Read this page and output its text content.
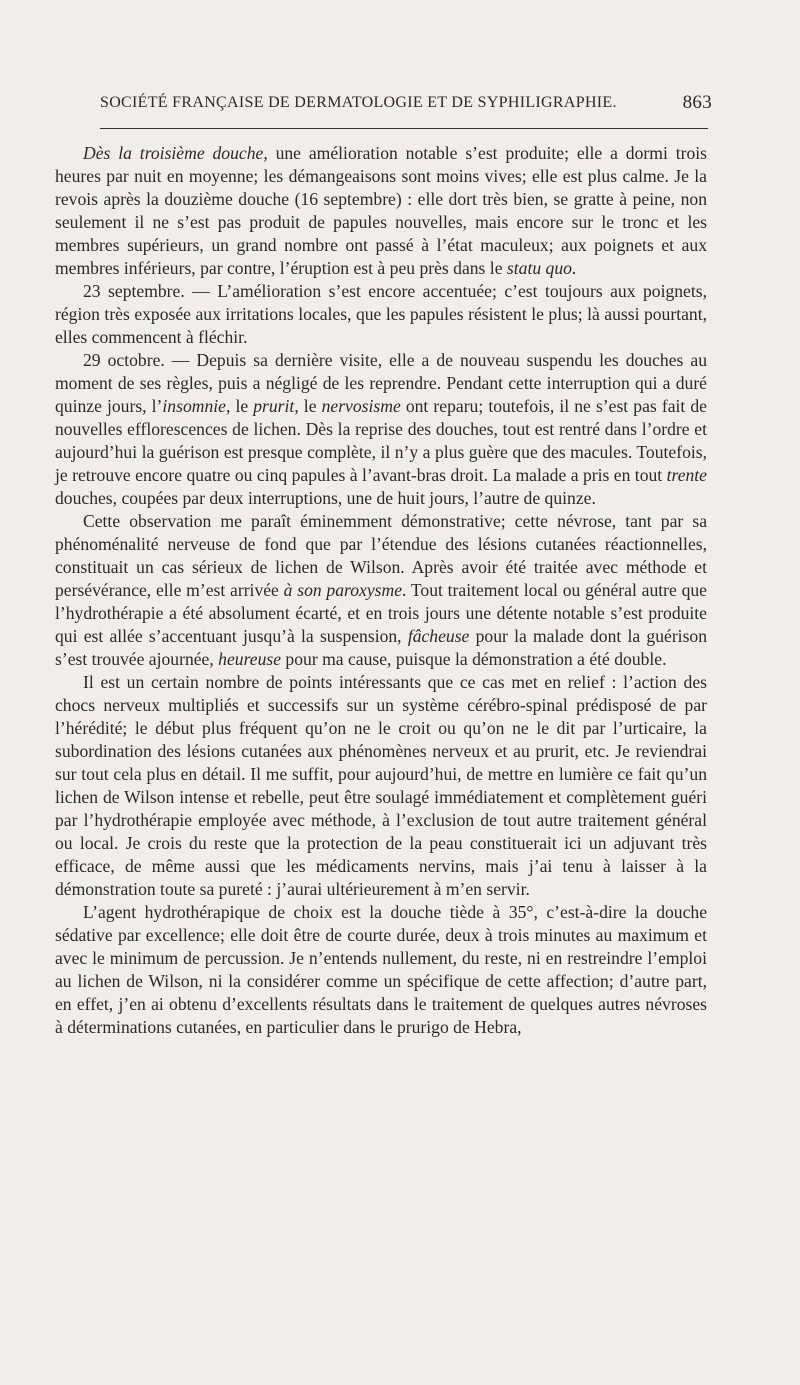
SOCIÉTÉ FRANÇAISE DE DERMATOLOGIE ET DE SYPHILIGRAPHIE.	863

Dès la troisième douche, une amélioration notable s’est produite; elle a dormi trois heures par nuit en moyenne; les démangeaisons sont moins vives; elle est plus calme. Je la revois après la douzième douche (16 septembre) : elle dort très bien, se gratte à peine, non seulement il ne s’est pas produit de papules nouvelles, mais encore sur le tronc et les membres supérieurs, un grand nombre ont passé à l’état maculeux; aux poignets et aux membres inférieurs, par contre, l’éruption est à peu près dans le statu quo.

23 septembre. — L’amélioration s’est encore accentuée; c’est toujours aux poignets, région très exposée aux irritations locales, que les papules résistent le plus; là aussi pourtant, elles commencent à fléchir.

29 octobre. — Depuis sa dernière visite, elle a de nouveau suspendu les douches au moment de ses règles, puis a négligé de les reprendre. Pendant cette interruption qui a duré quinze jours, l’insomnie, le prurit, le nervosisme ont reparu; toutefois, il ne s’est pas fait de nouvelles efflorescences de lichen. Dès la reprise des douches, tout est rentré dans l’ordre et aujourd’hui la guérison est presque complète, il n’y a plus guère que des macules. Toutefois, je retrouve encore quatre ou cinq papules à l’avant-bras droit. La malade a pris en tout trente douches, coupées par deux interruptions, une de huit jours, l’autre de quinze.

Cette observation me paraît éminemment démonstrative; cette névrose, tant par sa phénoménalité nerveuse de fond que par l’étendue des lésions cutanées réactionnelles, constituait un cas sérieux de lichen de Wilson. Après avoir été traitée avec méthode et persévérance, elle m’est arrivée à son paroxysme. Tout traitement local ou général autre que l’hydrothérapie a été absolument écarté, et en trois jours une détente notable s’est produite qui est allée s’accentuant jusqu’à la suspension, fâcheuse pour la malade dont la guérison s’est trouvée ajournée, heureuse pour ma cause, puisque la démonstration a été double.

Il est un certain nombre de points intéressants que ce cas met en relief : l’action des chocs nerveux multipliés et successifs sur un système cérébro-spinal prédisposé de par l’hérédité; le début plus fréquent qu’on ne le croit ou qu’on ne le dit par l’urticaire, la subordination des lésions cutanées aux phénomènes nerveux et au prurit, etc. Je reviendrai sur tout cela plus en détail. Il me suffit, pour aujourd’hui, de mettre en lumière ce fait qu’un lichen de Wilson intense et rebelle, peut être soulagé immédiatement et complètement guéri par l’hydrothérapie employée avec méthode, à l’exclusion de tout autre traitement général ou local. Je crois du reste que la protection de la peau constituerait ici un adjuvant très efficace, de même aussi que les médicaments nervins, mais j’ai tenu à laisser à la démonstration toute sa pureté : j’aurai ultérieurement à m’en servir.

L’agent hydrothérapique de choix est la douche tiède à 35°, c’est-à-dire la douche sédative par excellence; elle doit être de courte durée, deux à trois minutes au maximum et avec le minimum de percussion. Je n’entends nullement, du reste, ni en restreindre l’emploi au lichen de Wilson, ni la considérer comme un spécifique de cette affection; d’autre part, en effet, j’en ai obtenu d’excellents résultats dans le traitement de quelques autres névroses à déterminations cutanées, en particulier dans le prurigo de Hebra,
